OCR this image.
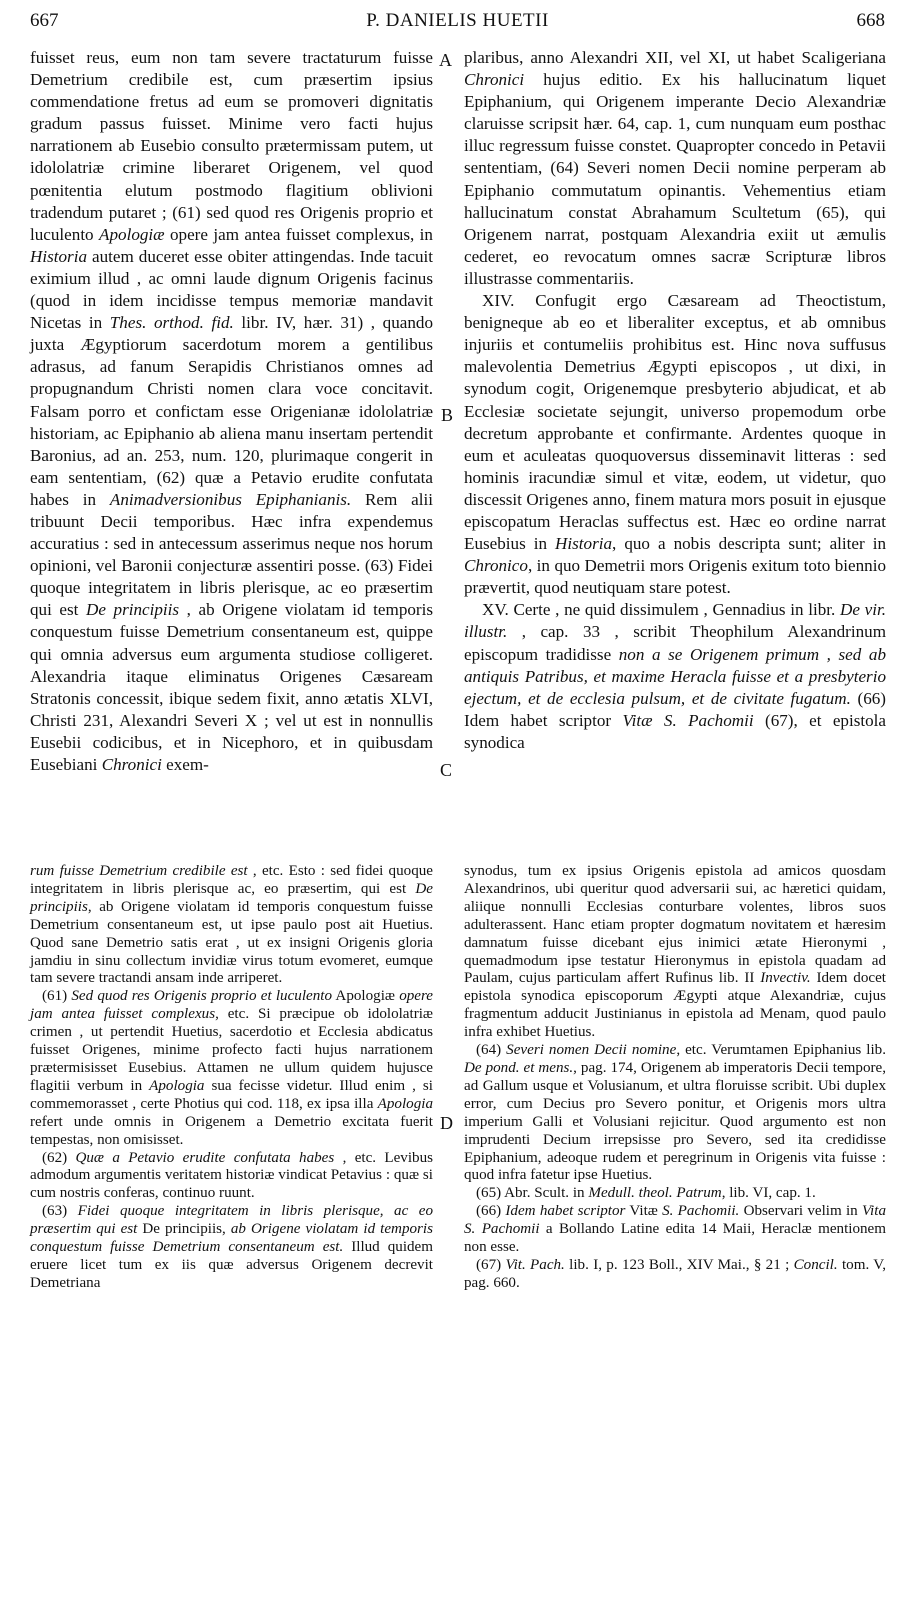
667	P. DANIELIS HUETII	668

fuisset reus, eum non tam severe tractaturum fuisse Demetrium credibile est, cum præsertim ipsius commendatione fretus ad eum se promoveri dignitatis gradum passus fuisset. Minime vero facti hujus narrationem ab Eusebio consulto prætermissam putem, ut idololatriæ crimine liberaret Origenem, vel quod pœnitentia elutum postmodo flagitium oblivioni tradendum putaret ; (61) sed quod res Origenis proprio et luculento Apologiæ opere jam antea fuisset complexus, in Historia autem duceret esse obiter attingendas. Inde tacuit eximium illud , ac omni laude dignum Origenis facinus (quod in idem incidisse tempus memoriæ mandavit Nicetas in Thes. orthod. fid. libr. IV, hær. 31) , quando juxta Ægyptiorum sacerdotum morem a gentilibus adrasus, ad fanum Serapidis Christianos omnes ad propugnandum Christi nomen clara voce concitavit. Falsam porro et confictam esse Origenianæ idololatriæ historiam, ac Epiphanio ab aliena manu insertam pertendit Baronius, ad an. 253, num. 120, plurimaque congerit in eam sententiam, (62) quæ a Petavio erudite confutata habes in Animadversionibus Epiphanianis. Rem alii tribuunt Decii temporibus. Hæc infra expendemus accuratius : sed in antecessum asserimus neque nos horum opinioni, vel Baronii conjecturæ assentiri posse. (63) Fidei quoque integritatem in libris plerisque, ac eo præsertim qui est De principiis , ab Origene violatam id temporis conquestum fuisse Demetrium consentaneum est, quippe qui omnia adversus eum argumenta studiose colligeret. Alexandria itaque eliminatus Origenes Cæsaream Stratonis concessit, ibique sedem fixit, anno ætatis XLVI, Christi 231, Alexandri Severi X ; vel ut est in nonnullis Eusebii codicibus, et in Nicephoro, et in quibusdam Eusebiani Chronici exem-

plaribus, anno Alexandri XII, vel XI, ut habet Scaligeriana Chronici hujus editio. Ex his hallucinatum liquet Epiphanium, qui Origenem imperante Decio Alexandriæ claruisse scripsit hær. 64, cap. 1, cum nunquam eum posthac illuc regressum fuisse constet. Quapropter concedo in Petavii sententiam, (64) Severi nomen Decii nomine perperam ab Epiphanio commutatum opinantis. Vehementius etiam hallucinatum constat Abrahamum Scultetum (65), qui Origenem narrat, postquam Alexandria exiit ut æmulis cederet, eo revocatum omnes sacræ Scripturæ libros illustrasse commentariis.

XIV. Confugit ergo Cæsaream ad Theoctistum, benigneque ab eo et liberaliter exceptus, et ab omnibus injuriis et contumeliis prohibitus est. Hinc nova suffusus malevolentia Demetrius Ægypti episcopos , ut dixi, in synodum cogit, Origenemque presbyterio abjudicat, et ab Ecclesiæ societate sejungit, universo propemodum orbe decretum approbante et confirmante. Ardentes quoque in eum et aculeatas quoquoversus disseminavit litteras : sed hominis iracundiæ simul et vitæ, eodem, ut videtur, quo discessit Origenes anno, finem matura mors posuit in ejusque episcopatum Heraclas suffectus est. Hæc eo ordine narrat Eusebius in Historia, quo a nobis descripta sunt; aliter in Chronico, in quo Demetrii mors Origenis exitum toto biennio prævertit, quod neutiquam stare potest.

XV. Certe , ne quid dissimulem , Gennadius in libr. De vir. illustr. , cap. 33 , scribit Theophilum Alexandrinum episcopum tradidisse non a se Origenem primum , sed ab antiquis Patribus, et maxime Heracla fuisse et a presbyterio ejectum, et de ecclesia pulsum, et de civitate fugatum. (66) Idem habet scriptor Vitæ S. Pachomii (67), et epistola synodica

rum fuisse Demetrium credibile est , etc. Esto : sed fidei quoque integritatem in libris plerisque ac, eo præsertim, qui est De principiis, ab Origene violatam id temporis conquestum fuisse Demetrium consentaneum est, ut ipse paulo post ait Huetius. Quod sane Demetrio satis erat , ut ex insigni Origenis gloria jamdiu in sinu collectum invidiæ virus totum evomeret, eumque tam severe tractandi ansam inde arriperet.

(61) Sed quod res Origenis proprio et luculento Apologiæ opere jam antea fuisset complexus, etc. Si præcipue ob idololatriæ crimen , ut pertendit Huetius, sacerdotio et Ecclesia abdicatus fuisset Origenes, minime profecto facti hujus narrationem prætermisisset Eusebius. Attamen ne ullum quidem hujusce flagitii verbum in Apologia sua fecisse videtur. Illud enim , si commemorasset , certe Photius qui cod. 118, ex ipsa illa Apologia refert unde omnis in Origenem a Demetrio excitata fuerit tempestas, non omisisset.

(62) Quæ a Petavio erudite confutata habes , etc. Levibus admodum argumentis veritatem historiæ vindicat Petavius : quæ si cum nostris conferas, continuo ruunt.

(63) Fidei quoque integritatem in libris plerisque, ac eo præsertim qui est De principiis, ab Origene violatam id temporis conquestum fuisse Demetrium consentaneum est. Illud quidem eruere licet tum ex iis quæ adversus Origenem decrevit Demetriana

synodus, tum ex ipsius Origenis epistola ad amicos quosdam Alexandrinos, ubi queritur quod adversarii sui, ac hæretici quidam, aliique nonnulli Ecclesias conturbare volentes, libros suos adulterassent. Hanc etiam propter dogmatum novitatem et hæresim damnatum fuisse dicebant ejus inimici ætate Hieronymi , quemadmodum ipse testatur Hieronymus in epistola quadam ad Paulam, cujus particulam affert Rufinus lib. II Invectiv. Idem docet epistola synodica episcoporum Ægypti atque Alexandriæ, cujus fragmentum adducit Justinianus in epistola ad Menam, quod paulo infra exhibet Huetius.

(64) Severi nomen Decii nomine, etc. Verumtamen Epiphanius lib. De pond. et mens., pag. 174, Origenem ab imperatoris Decii tempore, ad Gallum usque et Volusianum, et ultra floruisse scribit. Ubi duplex error, cum Decius pro Severo ponitur, et Origenis mors ultra imperium Galli et Volusiani rejicitur. Quod argumento est non imprudenti Decium irrepsisse pro Severo, sed ita credidisse Epiphanium, adeoque rudem et peregrinum in Origenis vita fuisse : quod infra fatetur ipse Huetius.

(65) Abr. Scult. in Medull. theol. Patrum, lib. VI, cap. 1.

(66) Idem habet scriptor Vitæ S. Pachomii. Observari velim in Vita S. Pachomii a Bollando Latine edita 14 Maii, Heraclæ mentionem non esse.

(67) Vit. Pach. lib. I, p. 123 Boll., XIV Mai., § 21 ; Concil. tom. V, pag. 660.

A
B
C
D
